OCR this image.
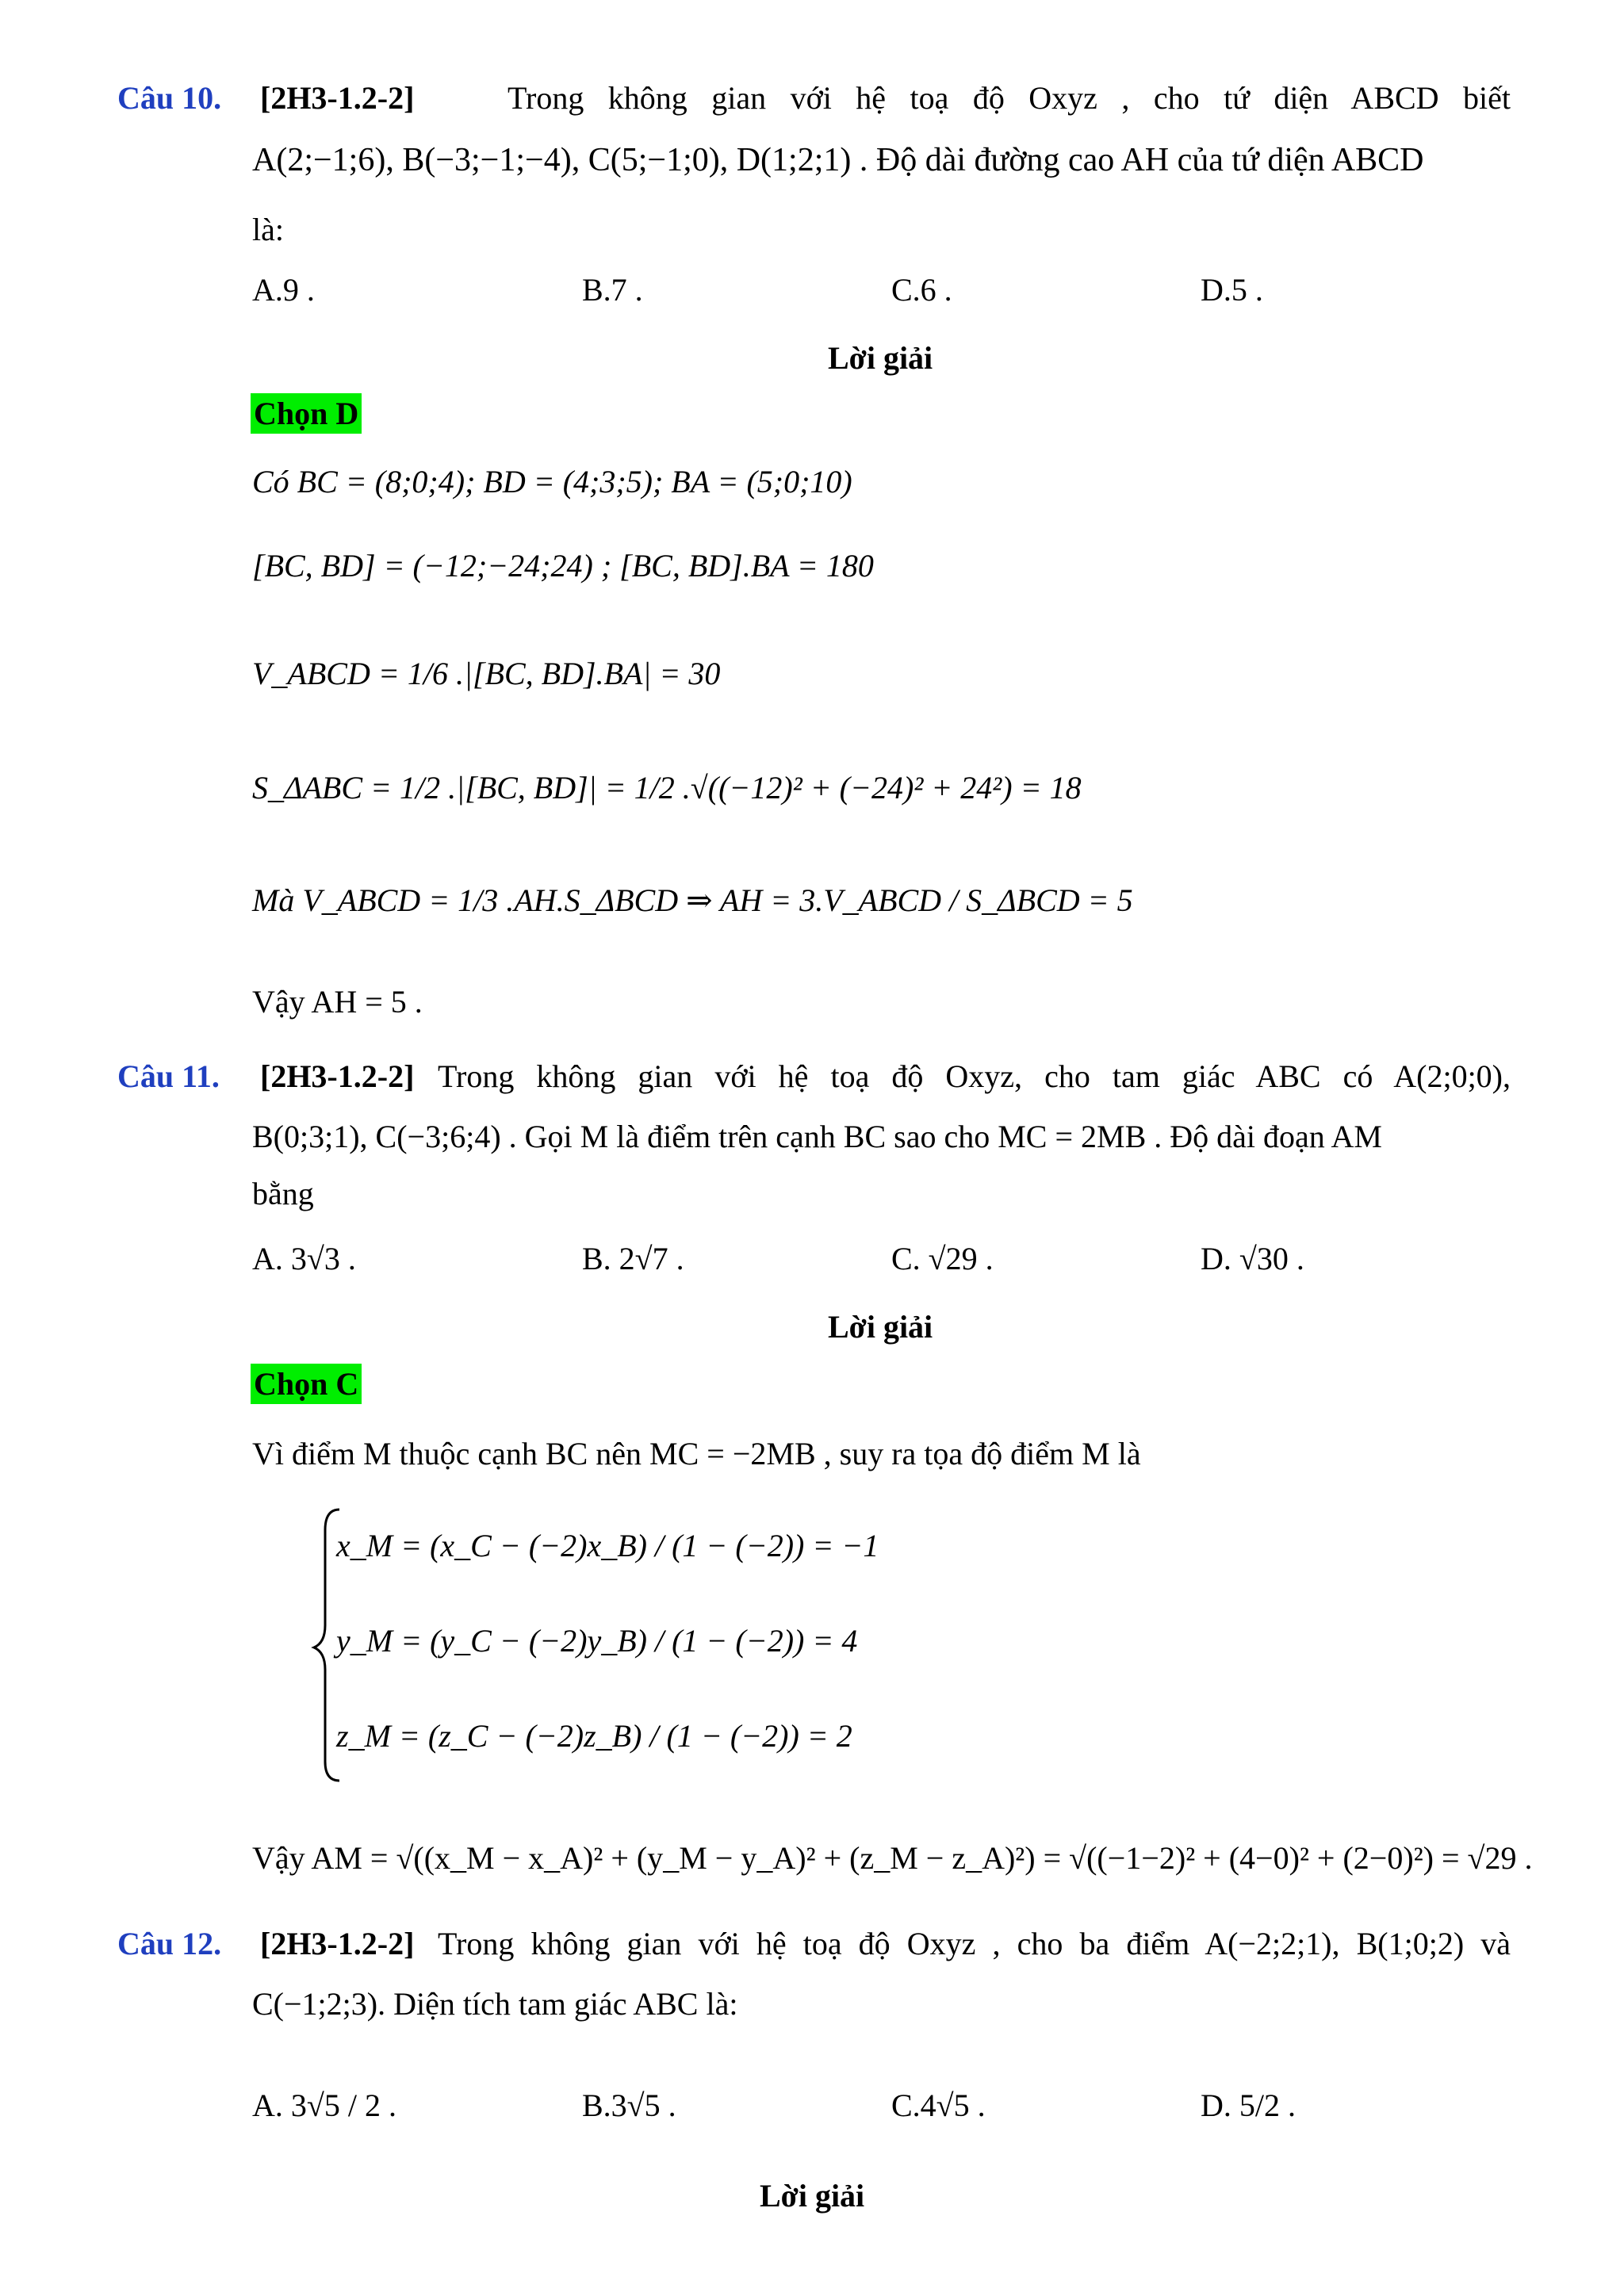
Câu 10. [2H3-1.2-2]	Trong không gian với hệ toạ độ Oxyz , cho tứ diện ABCD biết
A(2;−1;6), B(−3;−1;−4), C(5;−1;0), D(1;2;1) . Độ dài đường cao AH của tứ diện ABCD
là:
A.9 .	B.7 .	C.6 .	D.5 .
Lời giải
Chọn D
Có BC = (8;0;4); BD = (4;3;5); BA = (5;0;10)
[BC, BD] = (−12;−24;24) ; [BC, BD].BA = 180
V_ABCD = 1/6 .|[BC, BD].BA| = 30
S_ΔABC = 1/2 .|[BC, BD]| = 1/2 .√((−12)² + (−24)² + 24²) = 18
Mà V_ABCD = 1/3 .AH.S_ΔBCD ⇒ AH = 3.V_ABCD / S_ΔBCD = 5
Vậy AH = 5 .
Câu 11. [2H3-1.2-2] Trong không gian với hệ toạ độ Oxyz, cho tam giác ABC có A(2;0;0),
B(0;3;1), C(−3;6;4) . Gọi M là điểm trên cạnh BC sao cho MC = 2MB . Độ dài đoạn AM
bằng
A. 3√3 .	B. 2√7 .	C. √29 .	D. √30 .
Lời giải
Chọn C
Vì điểm M thuộc cạnh BC nên MC = −2MB , suy ra tọa độ điểm M là
x_M = (x_C − (−2)x_B) / (1 − (−2)) = −1
y_M = (y_C − (−2)y_B) / (1 − (−2)) = 4
z_M = (z_C − (−2)z_B) / (1 − (−2)) = 2
Vậy AM = √((x_M − x_A)² + (y_M − y_A)² + (z_M − z_A)²) = √((−1−2)² + (4−0)² + (2−0)²) = √29 .
Câu 12. [2H3-1.2-2] Trong không gian với hệ toạ độ Oxyz , cho ba điểm A(−2;2;1), B(1;0;2) và
C(−1;2;3). Diện tích tam giác ABC là:
A. 3√5 / 2 .	B.3√5 .	C.4√5 .	D. 5/2 .
Lời giải
